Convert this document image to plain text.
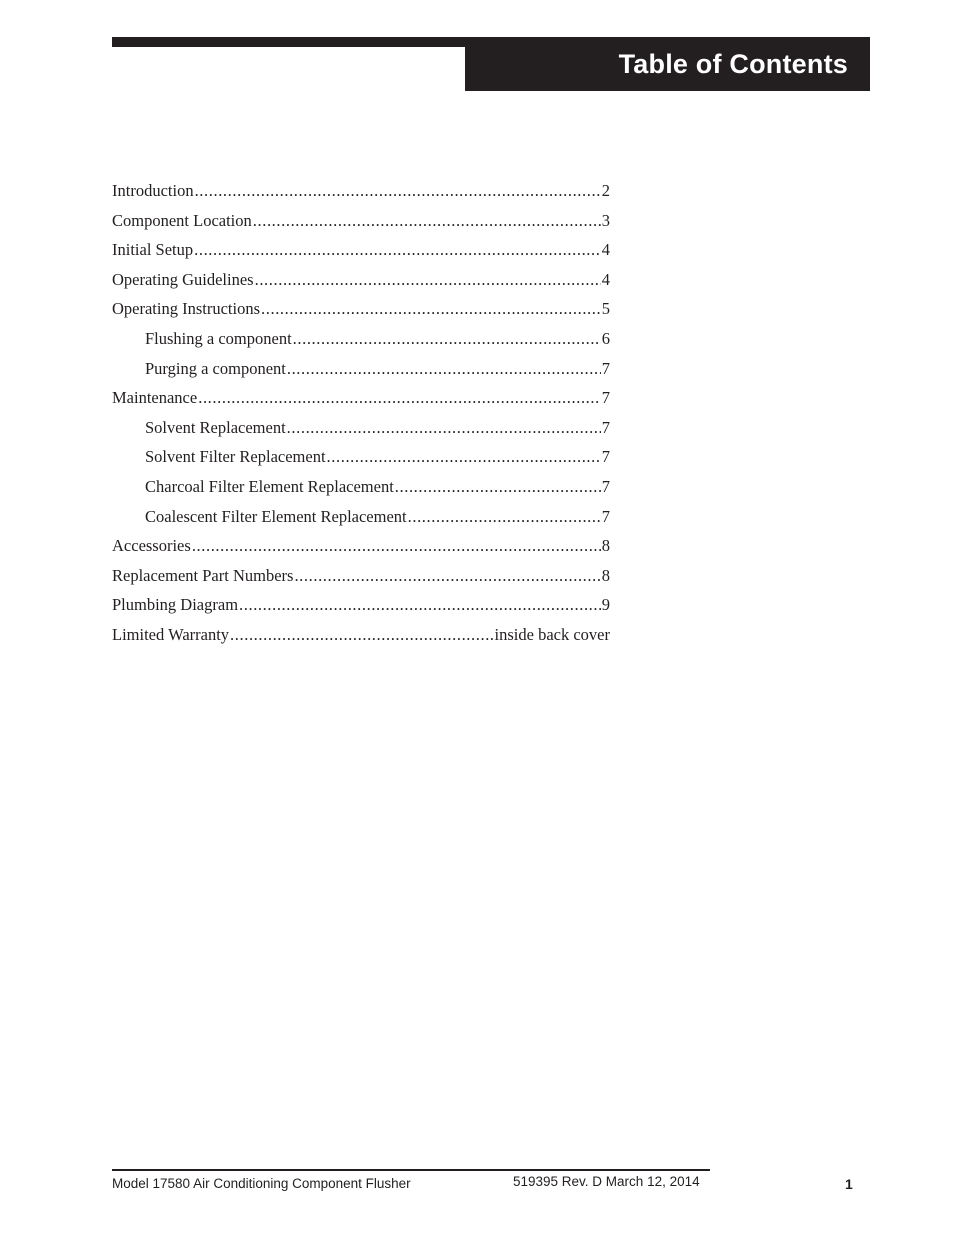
Table of Contents
Introduction .....	2
Component Location .....	3
Initial Setup .....	4
Operating Guidelines .....	4
Operating Instructions .....	5
Flushing a component .....	6
Purging a component .....	7
Maintenance .....	7
Solvent Replacement .....	7
Solvent Filter Replacement .....	7
Charcoal Filter Element Replacement .....	7
Coalescent Filter Element Replacement .....	7
Accessories .....	8
Replacement Part Numbers .....	8
Plumbing Diagram .....	9
Limited Warranty .....	inside back cover
Model 17580 Air Conditioning Component Flusher	519395 Rev. D March 12, 2014	1
